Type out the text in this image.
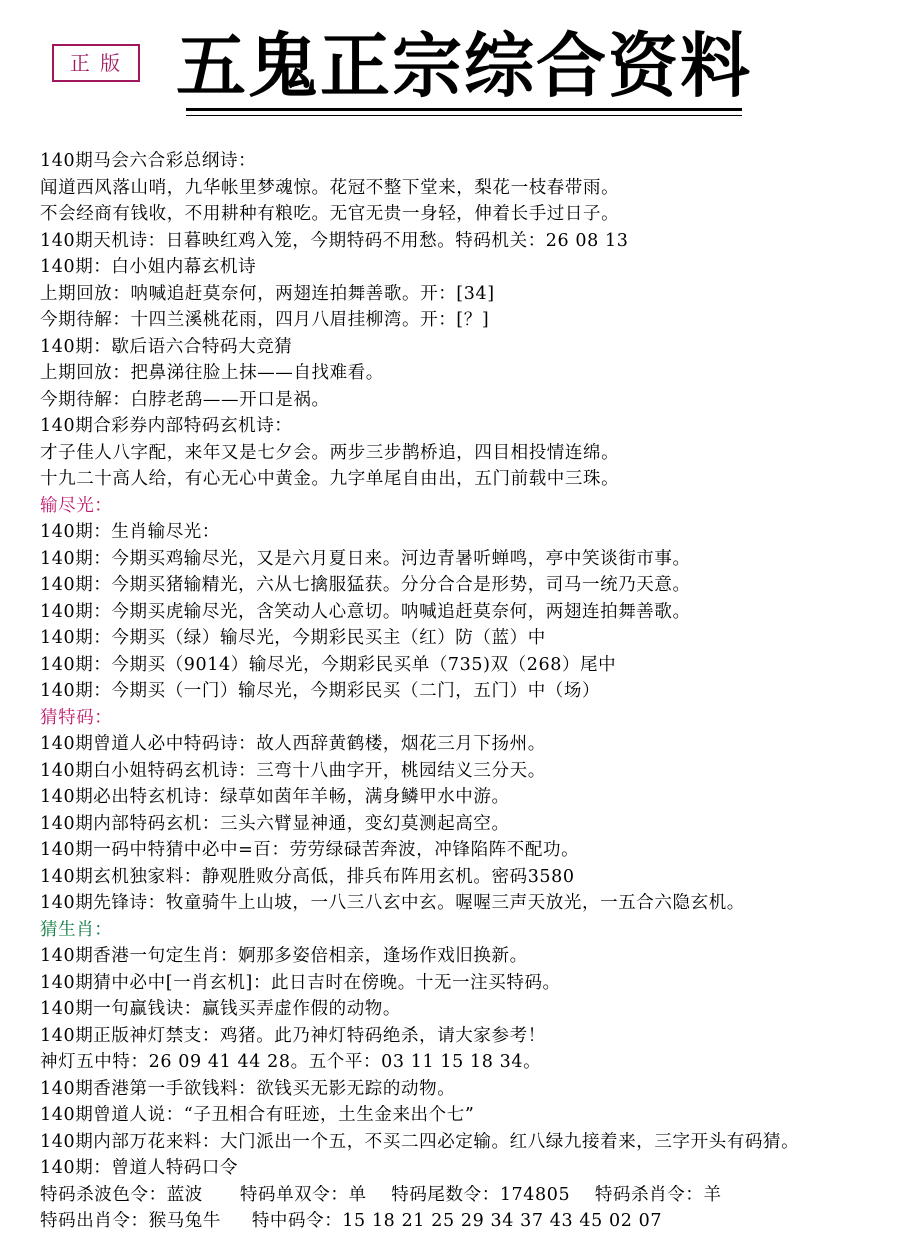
正 版 五鬼正宗综合资料
140期马会六合彩总纲诗：
闻道西风落山哨，九华帐里梦魂惊。花冠不整下堂来，梨花一枝春带雨。
不会经商有钱收，不用耕种有粮吃。无官无贵一身轻，伸着长手过日子。
140期天机诗：日暮映红鸡入笼，今期特码不用愁。特码机关：26 08 13
140期：白小姐内幕玄机诗
上期回放：呐喊追赶莫奈何，两翅连拍舞善歌。开：[34]
今期待解：十四兰溪桃花雨，四月八眉挂柳湾。开：[？]
140期：歇后语六合特码大竞猜
上期回放：把鼻涕往脸上抹——自找难看。
今期待解：白脖老鸹——开口是祸。
140期合彩券内部特码玄机诗：
才子佳人八字配，来年又是七夕会。两步三步鹊桥追，四目相投情连绵。
十九二十高人给，有心无心中黄金。九字单尾自由出，五门前载中三珠。
输尽光：
140期：生肖输尽光：
140期：今期买鸡输尽光，又是六月夏日来。河边青暑听蝉鸣，亭中笑谈街市事。
140期：今期买猪输精光，六从七擒服猛获。分分合合是形势，司马一统乃天意。
140期：今期买虎输尽光，含笑动人心意切。呐喊追赶莫奈何，两翅连拍舞善歌。
140期：今期买（绿）输尽光，今期彩民买主（红）防（蓝）中
140期：今期买（9014）输尽光，今期彩民买单（735)双（268）尾中
140期：今期买（一门）输尽光，今期彩民买（二门，五门）中（场）
猜特码：
140期曾道人必中特码诗：故人西辞黄鹤楼，烟花三月下扬州。
140期白小姐特码玄机诗：三弯十八曲字开，桃园结义三分天。
140期必出特玄机诗：绿草如茵年羊畅，满身鳞甲水中游。
140期内部特码玄机：三头六臂显神通，变幻莫测起高空。
140期一码中特猜中必中=百：劳劳绿碌苦奔波，冲锋陷阵不配功。
140期玄机独家料：静观胜败分高低，排兵布阵用玄机。密码3580
140期先锋诗：牧童骑牛上山坡，一八三八玄中玄。喔喔三声天放光，一五合六隐玄机。
猜生肖：
140期香港一句定生肖：婀那多姿倍相亲，逢场作戏旧换新。
140期猜中必中[一肖玄机]：此日吉时在傍晚。十无一注买特码。
140期一句赢钱诀：赢钱买弄虚作假的动物。
140期正版神灯禁支：鸡猪。此乃神灯特码绝杀，请大家参考！
神灯五中特：26 09 41 44 28。五个平：03 11 15 18 34。
140期香港第一手欲钱料：欲钱买无影无踪的动物。
140期曾道人说：“子丑相合有旺迹，土生金来出个七”
140期内部万花来料：大门派出一个五，不买二四必定输。红八绿九接着来，三字开头有码猜。
140期：曾道人特码口令
特码杀波色令：蓝波      特码单双令：单    特码尾数令：174805    特码杀肖令：羊
特码出肖令：猴马兔牛     特中码令：15 18 21 25 29 34 37 43 45 02 07
